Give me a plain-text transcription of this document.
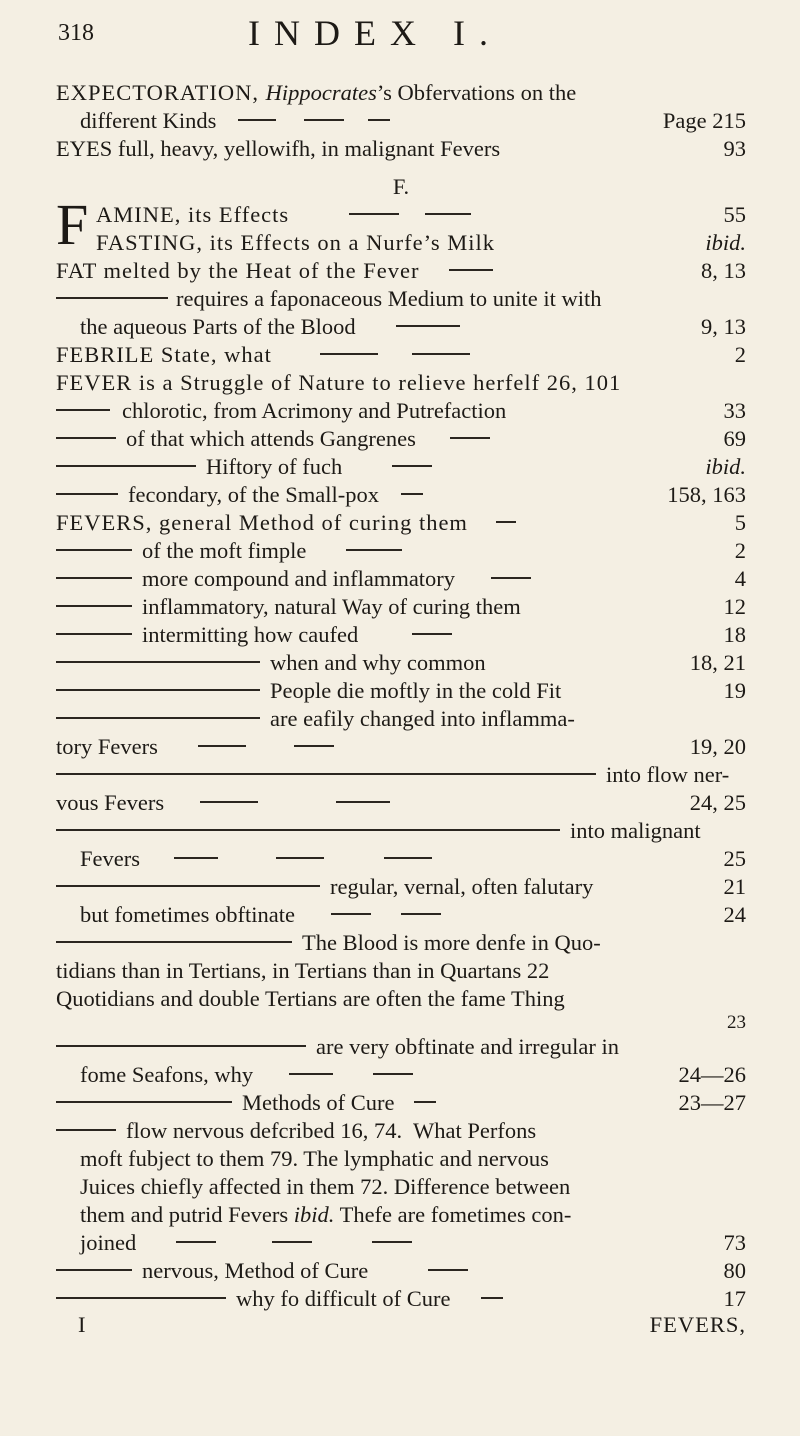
318	INDEX I.
EXPECTORATION, Hippocrates’s Obfervations on the
different Kinds	Page 215
EYES full, heavy, yellowifh, in malignant Fevers	93
F.
F AMINE, its Effects	55
FASTING, its Effects on a Nurfe’s Milk	ibid.
FAT melted by the Heat of the Fever	8, 13
requires a faponaceous Medium to unite it with
the aqueous Parts of the Blood	9, 13
FEBRILE State, what	2
FEVER is a Struggle of Nature to relieve herfelf 26, 101
chlorotic, from Acrimony and Putrefaction	33
of that which attends Gangrenes	69
Hiftory of fuch	ibid.
fecondary, of the Small-pox	158, 163
FEVERS, general Method of curing them	5
of the moft fimple	2
more compound and inflammatory	4
inflammatory, natural Way of curing them	12
intermitting how caufed	18
when and why common	18, 21
People die moftly in the cold Fit	19
are eafily changed into inflamma-
tory Fevers	19, 20
into flow ner-
vous Fevers	24, 25
into malignant
Fevers	25
regular, vernal, often falutary	21
but fometimes obftinate	24
The Blood is more denfe in Quo-
tidians than in Tertians, in Tertians than in Quartans 22
Quotidians and double Tertians are often the fame Thing
23
are very obftinate and irregular in
fome Seafons, why	24—26
Methods of Cure	23—27
flow nervous defcribed 16, 74.  What Perfons
moft fubject to them 79. The lymphatic and nervous
Juices chiefly affected in them 72. Difference between
them and putrid Fevers ibid. Thefe are fometimes con-
joined	73
nervous, Method of Cure	80
why fo difficult of Cure	17
I	FEVERS,
